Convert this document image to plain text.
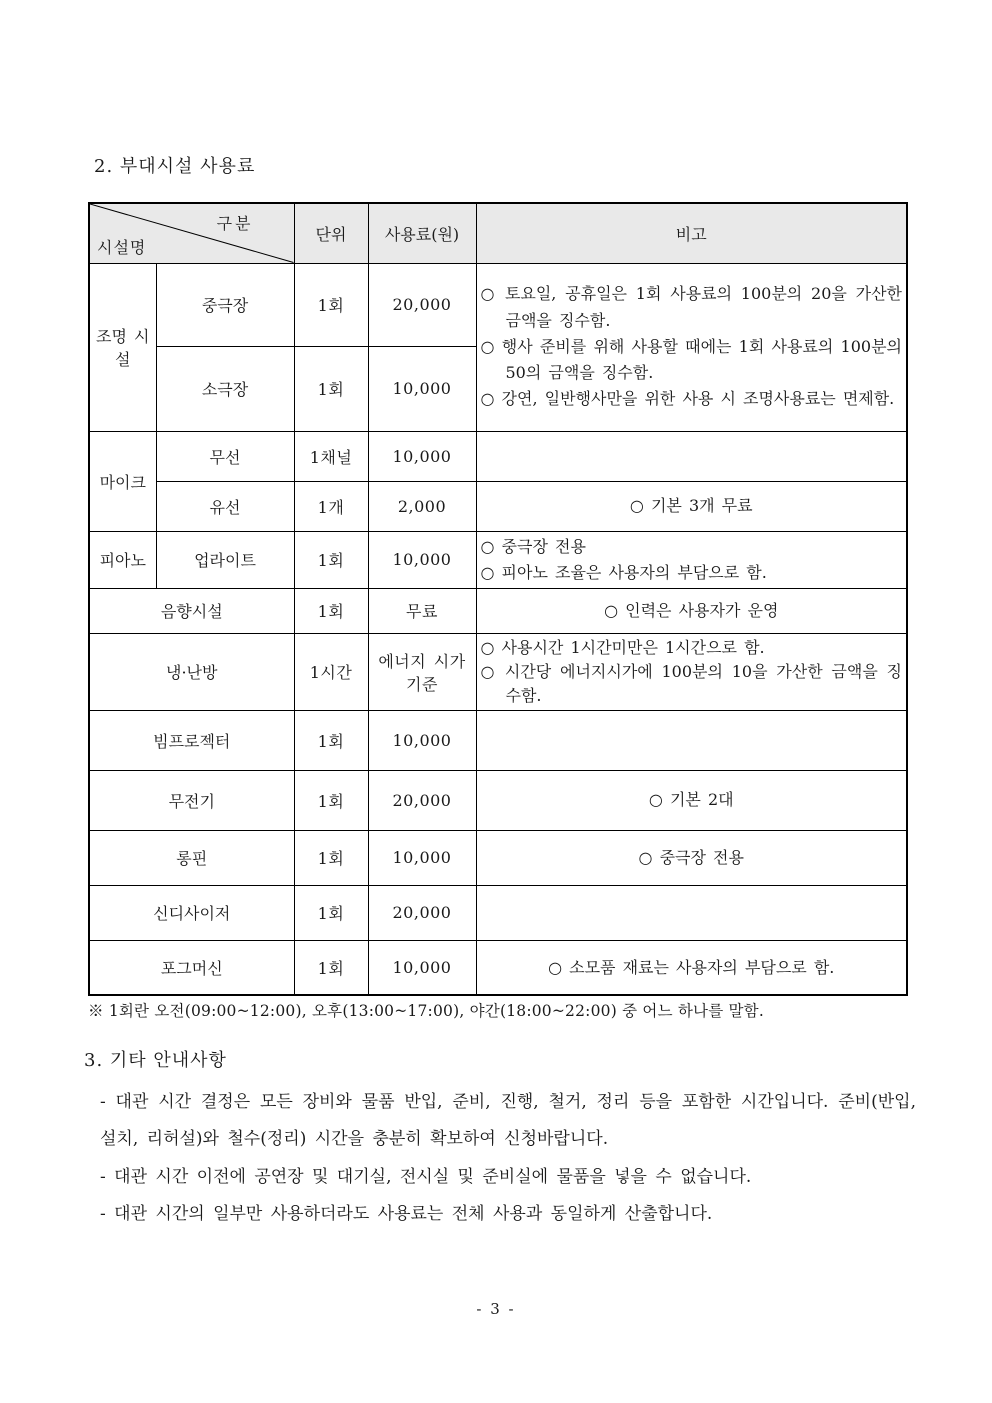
2. 부대시설 사용료
구분
시설명		단위	사용료(원)	비고
조명 시설	중극장	1회	20,000	○ 토요일, 공휴일은 1회 사용료의 100분의 20을 가산한 금액을 징수함.
○ 행사 준비를 위해 사용할 때에는 1회 사용료의 100분의 50의 금액을 징수함.
○ 강연, 일반행사만을 위한 사용 시 조명사용료는 면제함.

	소극장	1회	10,000	
마이크	무선	1채널	10,000	
	유선	1개	2,000	○ 기본 3개 무료
피아노	업라이트	1회	10,000	○ 중극장 전용
○ 피아노 조율은 사용자의 부담으로 함.

음향시설		1회	무료	○ 인력은 사용자가 운영
냉·난방		1시간	에너지 시가기준	○ 사용시간 1시간미만은 1시간으로 함.
○ 시간당 에너지시가에 100분의 10을 가산한 금액을 징수함.

빔프로젝터		1회	10,000	
무전기		1회	20,000	○ 기본 2대
롱핀		1회	10,000	○ 중극장 전용
신디사이저		1회	20,000	
포그머신		1회	10,000	○ 소모품 재료는 사용자의 부담으로 함.

※ 1회란 오전(09:00~12:00), 오후(13:00~17:00), 야간(18:00~22:00) 중 어느 하나를 말함.

3. 기타 안내사항

- 대관 시간 결정은 모든 장비와 물품 반입, 준비, 진행, 철거, 정리 등을 포함한 시간입니다. 준비(반입, 설치, 리허설)와 철수(정리) 시간을 충분히 확보하여 신청바랍니다.

- 대관 시간 이전에 공연장 및 대기실, 전시실 및 준비실에 물품을 넣을 수 없습니다.

- 대관 시간의 일부만 사용하더라도 사용료는 전체 사용과 동일하게 산출합니다.

- 3 -
